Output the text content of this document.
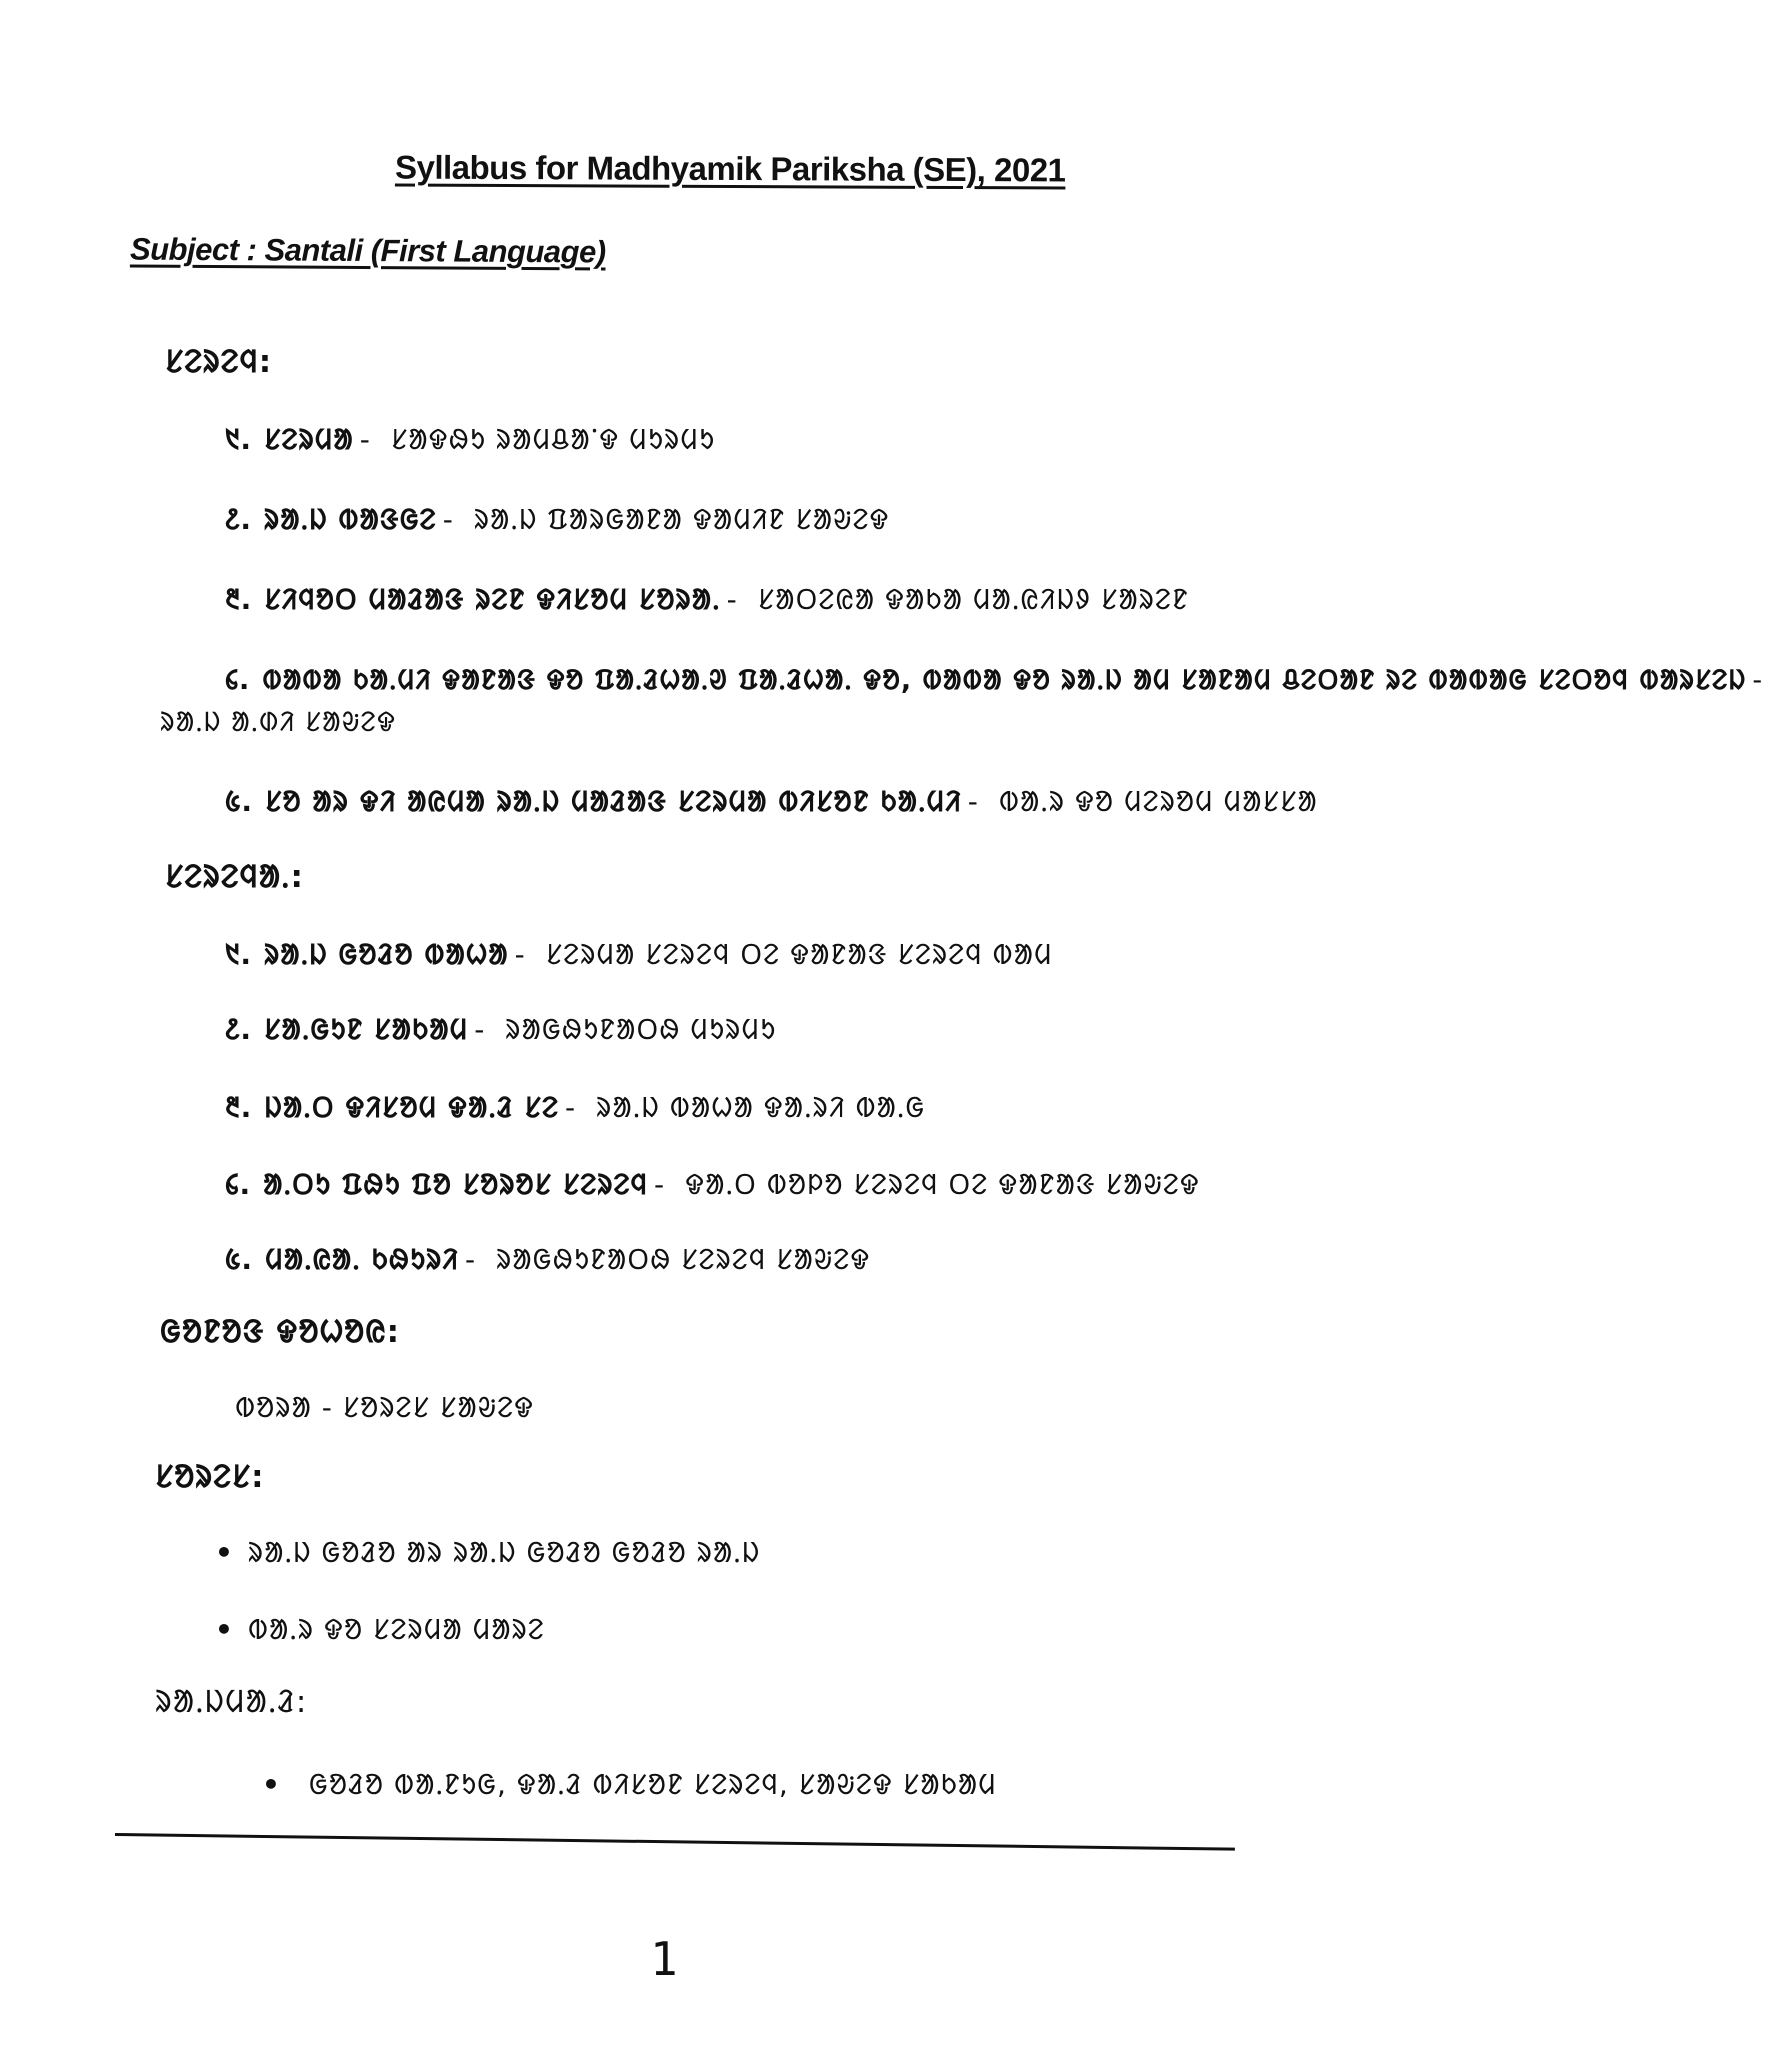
Syllabus for Madhyamik Pariksha (SE), 2021
Subject : Santali (First Language)
ᱥᱮᱨᱮᱧ:
᱑. ᱥᱮᱨᱢᱟ - ᱥᱟᱫᱷᱩ ᱨᱟᱢᱪᱟᱸᱫ ᱢᱩᱨᱢᱩ
᱒. ᱨᱟᱹᱡ ᱵᱟᱝᱜᱮ - ᱨᱟᱹᱡ ᱯᱟᱨᱜᱟᱱᱟ ᱫᱟᱢᱤᱱ ᱥᱟᱶᱮᱫ
᱓. ᱥᱤᱧᱚᱛ ᱢᱟᱲᱟᱝ ᱨᱮᱱ ᱫᱤᱥᱚᱢ ᱥᱚᱨᱟᱹ - ᱥᱟᱛᱮᱭᱟ ᱫᱟᱠᱟ ᱢᱟᱹᱭᱤᱡᱽ ᱥᱟᱨᱮᱱ
᱔. ᱵᱟᱵᱟ ᱠᱟᱹᱢᱤ ᱫᱟᱱᱟᱝ ᱫᱚ ᱯᱟᱹᱲᱦᱟᱹᱣ ᱯᱟᱹᱲᱦᱟᱹ ᱫᱚ, ᱵᱟᱵᱟ ᱫᱚ ᱨᱟᱹᱡ ᱟᱢ ᱥᱟᱱᱟᱢ ᱪᱮᱛᱟᱱ ᱨᱮ ᱵᱟᱵᱟᱜ ᱥᱮᱛᱚᱧ ᱵᱟᱨᱥᱮᱡ -
ᱨᱟᱹᱡ ᱟᱹᱰᱤ ᱥᱟᱶᱮᱫ
᱕. ᱥᱚ ᱟᱨ ᱫᱤ ᱟᱭᱢᱟ ᱨᱟᱹᱡ ᱢᱟᱲᱟᱝ ᱥᱮᱨᱢᱟ ᱵᱤᱥᱚᱱ ᱠᱟᱹᱢᱤ - ᱵᱟᱹᱨ ᱫᱚ ᱢᱮᱨᱚᱢ ᱢᱟᱥᱥᱟ
ᱥᱮᱨᱮᱧᱟᱹ:
᱑. ᱨᱟᱹᱡ ᱜᱚᱲᱚ ᱵᱟᱦᱟ - ᱥᱮᱨᱢᱟ ᱥᱮᱨᱮᱧ ᱛᱮ ᱫᱟᱱᱟᱝ ᱥᱮᱨᱮᱧ ᱵᱟᱢ
᱒. ᱥᱟᱹᱜᱩᱱ ᱥᱟᱠᱟᱢ - ᱨᱟᱜᱷᱩᱱᱟᱛᱷ ᱢᱩᱨᱢᱩ
᱓. ᱡᱟᱹᱛ ᱫᱤᱥᱚᱢ ᱫᱟᱹᱲ ᱥᱮ - ᱨᱟᱹᱡ ᱵᱟᱦᱟ ᱫᱟᱹᱨᱤ ᱵᱟᱹᱜ
᱔. ᱟᱹᱛᱩ ᱯᱷᱩ ᱯᱚ ᱥᱚᱨᱚᱥ ᱥᱮᱨᱮᱧ - ᱫᱟᱹᱛ ᱵᱚᱞᱚ ᱥᱮᱨᱮᱧ ᱛᱮ ᱫᱟᱱᱟᱝ ᱥᱟᱶᱮᱫ
᱕. ᱢᱟᱹᱭᱟᱹ ᱠᱷᱩᱨᱤ - ᱨᱟᱜᱷᱩᱱᱟᱛᱷ ᱥᱮᱨᱮᱧ ᱥᱟᱶᱮᱫ
ᱜᱚᱱᱚᱝ ᱫᱚᱦᱚᱭ:
ᱵᱚᱨᱟ - ᱥᱚᱨᱮᱥ ᱥᱟᱶᱮᱫ
ᱥᱚᱨᱮᱥ:
• ᱨᱟᱹᱡ ᱜᱚᱲᱚ ᱟᱨ ᱨᱟᱹᱡ ᱜᱚᱲᱚ ᱜᱚᱲᱚ ᱨᱟᱹᱡ
• ᱵᱟᱹᱨ ᱫᱚ ᱥᱮᱨᱢᱟ ᱢᱟᱨᱮ
ᱨᱟᱹᱡᱢᱟᱹᱲ:
• ᱜᱚᱲᱚ ᱵᱟᱹᱱᱩᱜ, ᱫᱟᱹᱲ ᱵᱤᱥᱚᱱ ᱥᱮᱨᱮᱧ, ᱥᱟᱶᱮᱫ ᱥᱟᱠᱟᱢ
1
